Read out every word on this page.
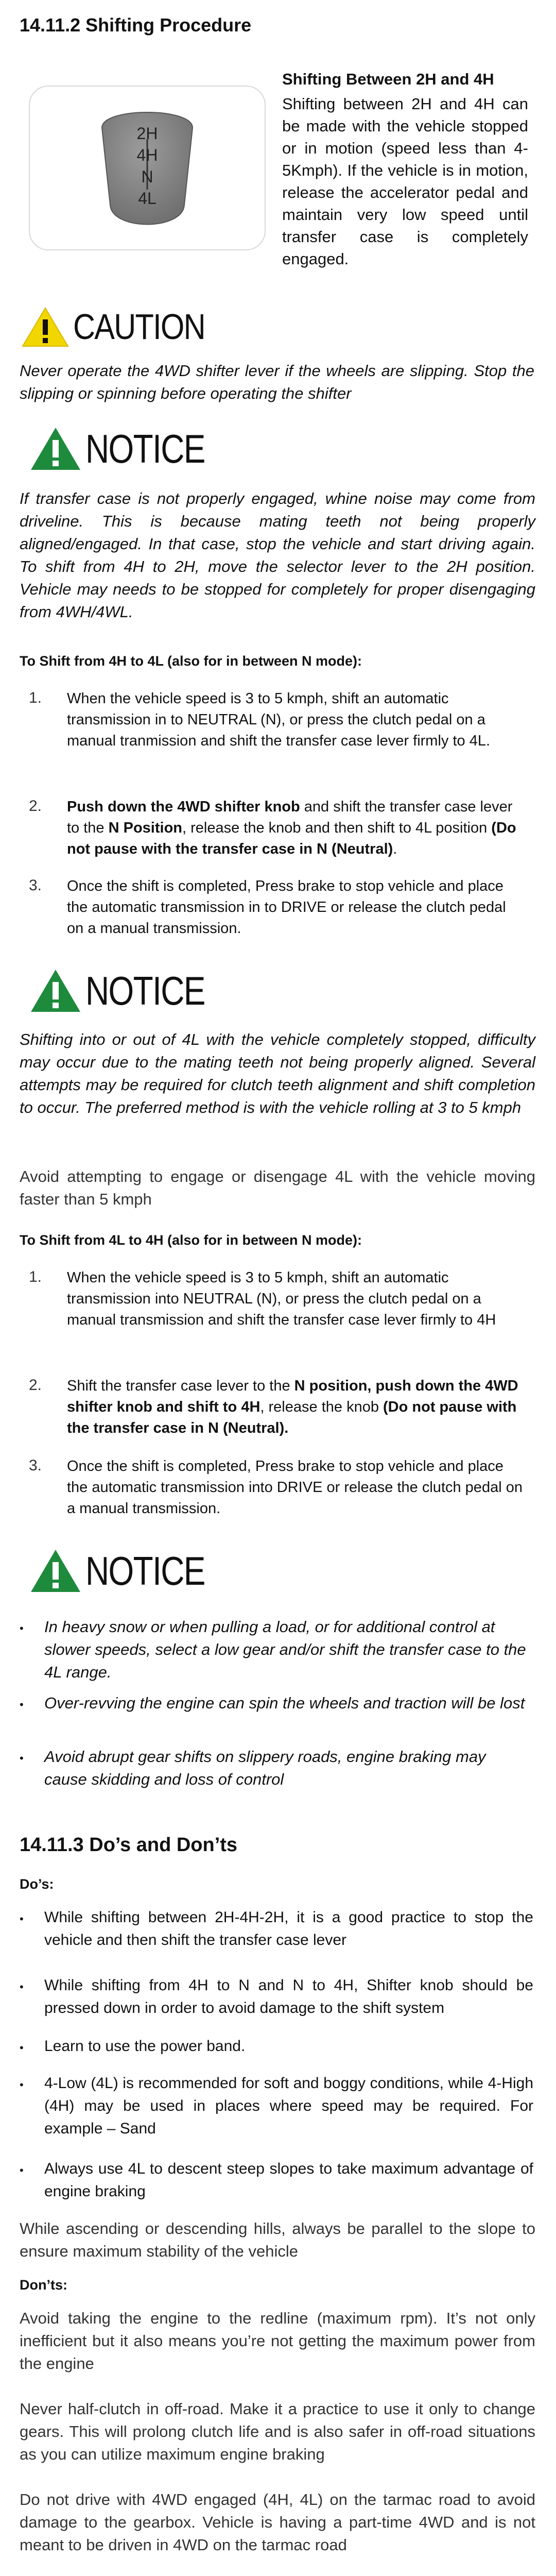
14.11.2 Shifting Procedure
2H
4H
N
4L
Shifting Between 2H and 4H
Shifting between 2H and 4H can be made with the vehicle stopped or in motion (speed less than 4-5Kmph). If the vehicle is in motion, release the accelerator pedal and maintain very low speed until transfer case is completely engaged.
CAUTION
Never operate the 4WD shifter lever if the wheels are slipping. Stop the slipping or spinning before operating the shifter
NOTICE
If transfer case is not properly engaged, whine noise may come from driveline. This is because mating teeth not being properly aligned/engaged. In that case, stop the vehicle and start driving again. To shift from 4H to 2H, move the selector lever to the 2H position. Vehicle may needs to be stopped for completely for proper disengaging from 4WH/4WL.
To Shift from 4H to 4L (also for in between N mode):
1. When the vehicle speed is 3 to 5 kmph, shift an automatic transmission in to NEUTRAL (N), or press the clutch pedal on a manual tranmission and shift the transfer case lever firmly to 4L.
2. Push down the 4WD shifter knob and shift the transfer case lever to the N Position, release the knob and then shift to 4L position (Do not pause with the transfer case in N (Neutral).
3. Once the shift is completed, Press brake to stop vehicle and place the automatic transmission in to DRIVE or release the clutch pedal on a manual transmission.
NOTICE
Shifting into or out of 4L with the vehicle completely stopped, difficulty may occur due to the mating teeth not being properly aligned. Several attempts may be required for clutch teeth alignment and shift completion to occur. The preferred method is with the vehicle rolling at 3 to 5 kmph
Avoid attempting to engage or disengage 4L with the vehicle moving faster than 5 kmph
To Shift from 4L to 4H (also for in between N mode):
1. When the vehicle speed is 3 to 5 kmph, shift an automatic transmission into NEUTRAL (N), or press the clutch pedal on a manual transmission and shift the transfer case lever firmly to 4H
2. Shift the transfer case lever to the N position, push down the 4WD shifter knob and shift to 4H, release the knob (Do not pause with the transfer case in N (Neutral).
3. Once the shift is completed, Press brake to stop vehicle and place the automatic transmission into DRIVE or release the clutch pedal on a manual transmission.
NOTICE
• In heavy snow or when pulling a load, or for additional control at slower speeds, select a low gear and/or shift the transfer case to the 4L range.
• Over-revving the engine can spin the wheels and traction will be lost
• Avoid abrupt gear shifts on slippery roads, engine braking may cause skidding and loss of control
14.11.3 Do’s and Don’ts
Do’s:
• While shifting between 2H-4H-2H, it is a good practice to stop the vehicle and then shift the transfer case lever
• While shifting from 4H to N and N to 4H, Shifter knob should be pressed down in order to avoid damage to the shift system
• Learn to use the power band.
• 4-Low (4L) is recommended for soft and boggy conditions, while 4-High (4H) may be used in places where speed may be required. For example – Sand
• Always use 4L to descent steep slopes to take maximum advantage of engine braking
While ascending or descending hills, always be parallel to the slope to ensure maximum stability of the vehicle
Don’ts:
Avoid taking the engine to the redline (maximum rpm). It’s not only inefficient but it also means you’re not getting the maximum power from the engine
Never half-clutch in off-road. Make it a practice to use it only to change gears. This will prolong clutch life and is also safer in off-road situations as you can utilize maximum engine braking
Do not drive with 4WD engaged (4H, 4L) on the tarmac road to avoid damage to the gearbox. Vehicle is having a part-time 4WD and is not meant to be driven in 4WD on the tarmac road
